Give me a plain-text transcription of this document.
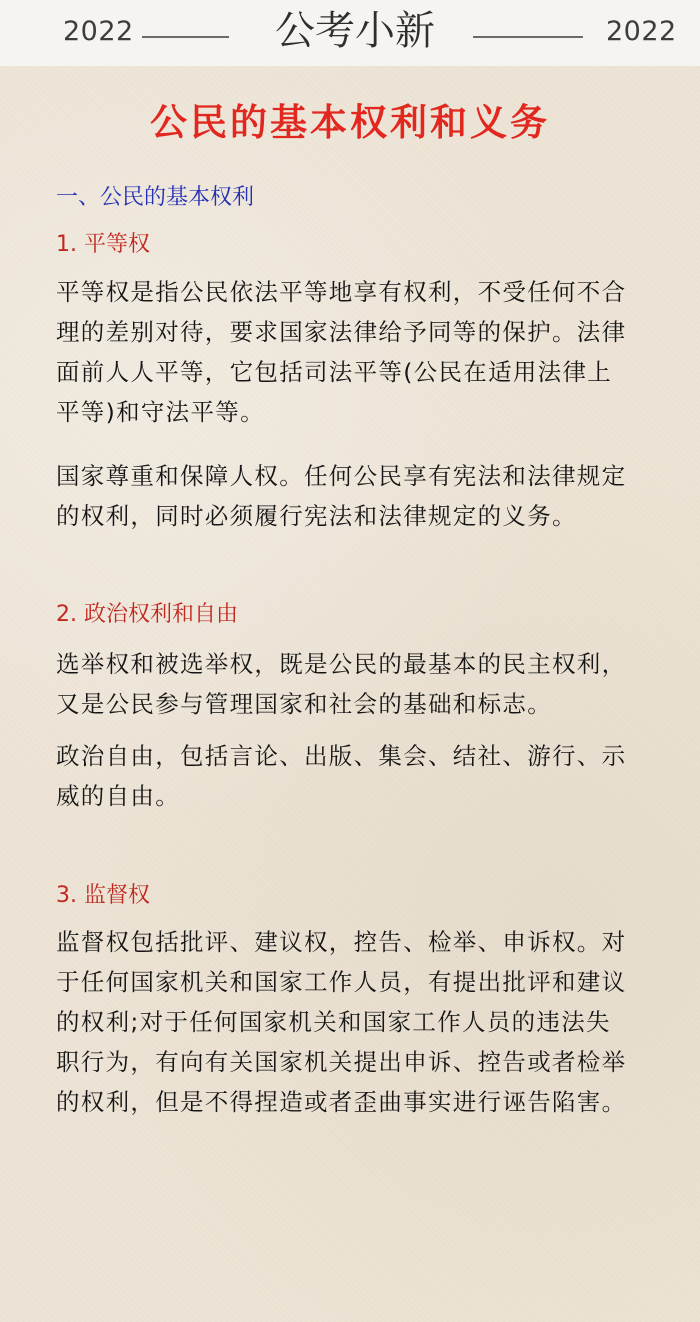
2022	公考小新	2022
公民的基本权利和义务
一、公民的基本权利
1. 平等权
平等权是指公民依法平等地享有权利，不受任何不合
理的差别对待，要求国家法律给予同等的保护。法律
面前人人平等，它包括司法平等(公民在适用法律上
平等)和守法平等。
国家尊重和保障人权。任何公民享有宪法和法律规定
的权利，同时必须履行宪法和法律规定的义务。
2. 政治权利和自由
选举权和被选举权，既是公民的最基本的民主权利，
又是公民参与管理国家和社会的基础和标志。
政治自由，包括言论、出版、集会、结社、游行、示
威的自由。
3. 监督权
监督权包括批评、建议权，控告、检举、申诉权。对
于任何国家机关和国家工作人员，有提出批评和建议
的权利;对于任何国家机关和国家工作人员的违法失
职行为，有向有关国家机关提出申诉、控告或者检举
的权利，但是不得捏造或者歪曲事实进行诬告陷害。
